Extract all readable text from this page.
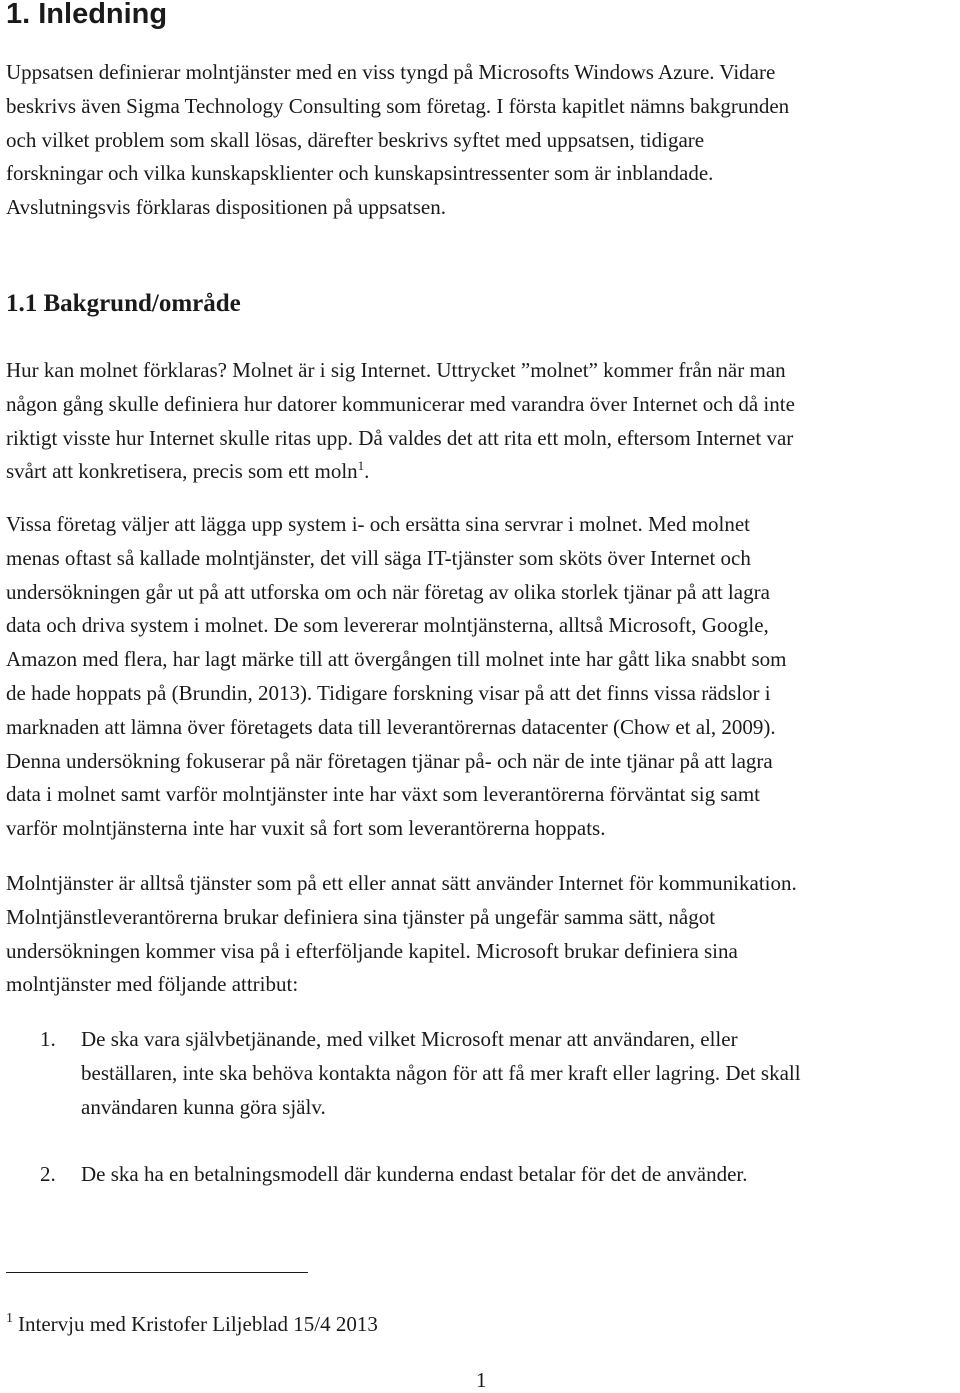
1. Inledning

Uppsatsen definierar molntjänster med en viss tyngd på Microsofts Windows Azure. Vidare
beskrivs även Sigma Technology Consulting som företag. I första kapitlet nämns bakgrunden
och vilket problem som skall lösas, därefter beskrivs syftet med uppsatsen, tidigare
forskningar och vilka kunskapsklienter och kunskapsintressenter som är inblandade.
Avslutningsvis förklaras dispositionen på uppsatsen.

1.1 Bakgrund/område

Hur kan molnet förklaras? Molnet är i sig Internet. Uttrycket ”molnet” kommer från när man
någon gång skulle definiera hur datorer kommunicerar med varandra över Internet och då inte
riktigt visste hur Internet skulle ritas upp. Då valdes det att rita ett moln, eftersom Internet var
svårt att konkretisera, precis som ett moln$^1$.

Vissa företag väljer att lägga upp system i- och ersätta sina servrar i molnet. Med molnet
menas oftast så kallade molntjänster, det vill säga IT-tjänster som sköts över Internet och
undersökningen går ut på att utforska om och när företag av olika storlek tjänar på att lagra
data och driva system i molnet. De som levererar molntjänsterna, alltså Microsoft, Google,
Amazon med flera, har lagt märke till att övergången till molnet inte har gått lika snabbt som
de hade hoppats på (Brundin, 2013). Tidigare forskning visar på att det finns vissa rädslor i
marknaden att lämna över företagets data till leverantörernas datacenter (Chow et al, 2009).
Denna undersökning fokuserar på när företagen tjänar på- och när de inte tjänar på att lagra
data i molnet samt varför molntjänster inte har växt som leverantörerna förväntat sig samt
varför molntjänsterna inte har vuxit så fort som leverantörerna hoppats.

Molntjänster är alltså tjänster som på ett eller annat sätt använder Internet för kommunikation.
Molntjänstleverantörerna brukar definiera sina tjänster på ungefär samma sätt, något
undersökningen kommer visa på i efterföljande kapitel. Microsoft brukar definiera sina
molntjänster med följande attribut:

1. De ska vara självbetjänande, med vilket Microsoft menar att användaren, eller
beställaren, inte ska behöva kontakta någon för att få mer kraft eller lagring. Det skall
användaren kunna göra själv.
2. De ska ha en betalningsmodell där kunderna endast betalar för det de använder.
$^1$ Intervju med Kristofer Liljeblad 15/4 2013
1
